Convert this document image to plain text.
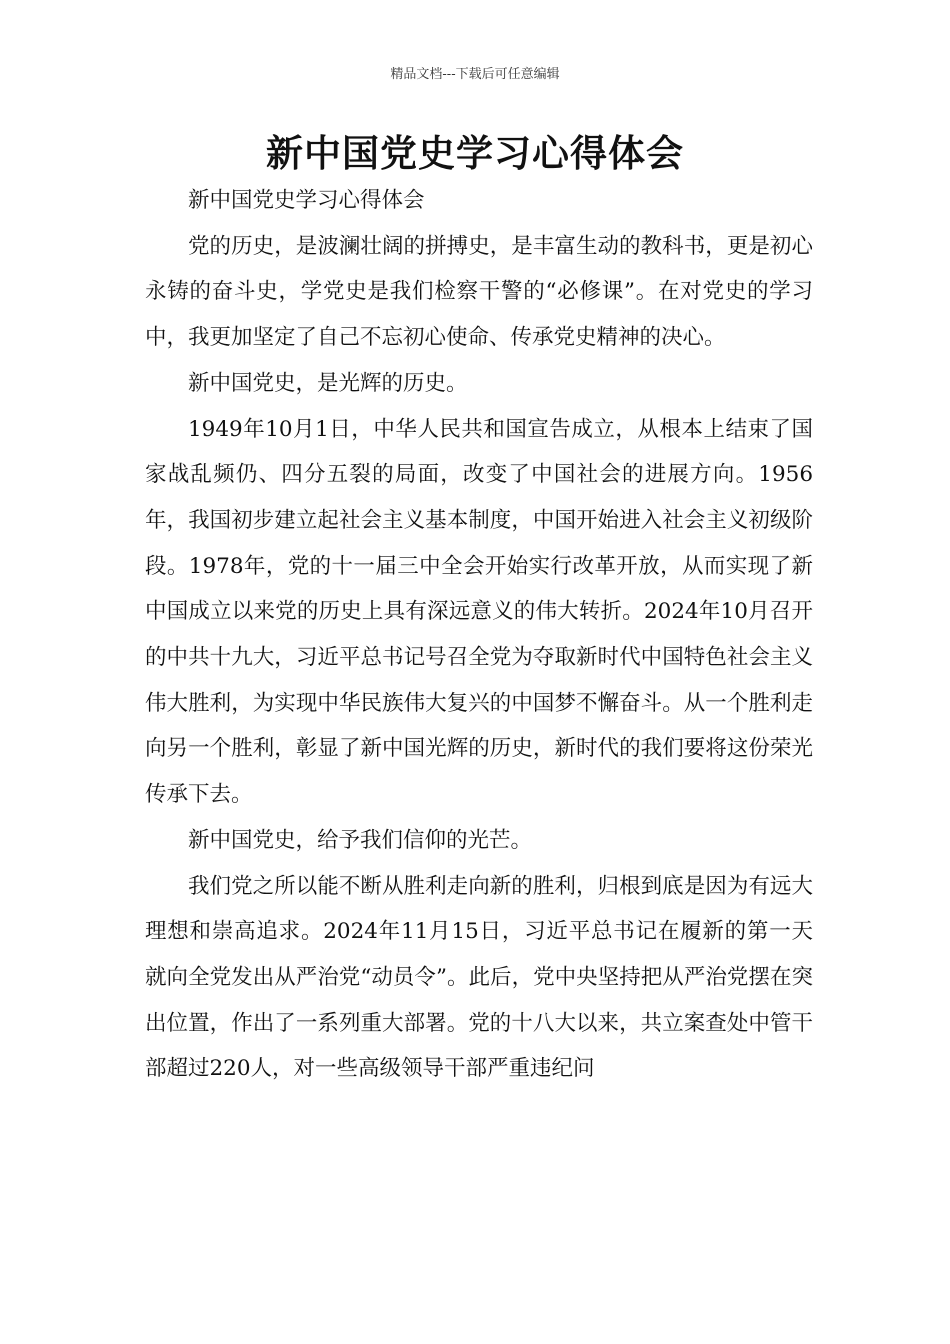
精品文档---下载后可任意编辑
新中国党史学习心得体会

新中国党史学习心得体会

党的历史，是波澜壮阔的拼搏史，是丰富生动的教科书，更是初心永铸的奋斗史，学党史是我们检察干警的“必修课”。在对党史的学习中，我更加坚定了自己不忘初心使命、传承党史精神的决心。

新中国党史，是光辉的历史。

1949年10月1日，中华人民共和国宣告成立，从根本上结束了国家战乱频仍、四分五裂的局面，改变了中国社会的进展方向。1956年，我国初步建立起社会主义基本制度，中国开始进入社会主义初级阶段。1978年，党的十一届三中全会开始实行改革开放，从而实现了新中国成立以来党的历史上具有深远意义的伟大转折。2024年10月召开的中共十九大，习近平总书记号召全党为夺取新时代中国特色社会主义伟大胜利，为实现中华民族伟大复兴的中国梦不懈奋斗。从一个胜利走向另一个胜利，彰显了新中国光辉的历史，新时代的我们要将这份荣光传承下去。

新中国党史，给予我们信仰的光芒。

我们党之所以能不断从胜利走向新的胜利，归根到底是因为有远大理想和崇高追求。2024年11月15日，习近平总书记在履新的第一天就向全党发出从严治党“动员令”。此后，党中央坚持把从严治党摆在突出位置，作出了一系列重大部署。党的十八大以来，共立案查处中管干部超过220人，对一些高级领导干部严重违纪问
